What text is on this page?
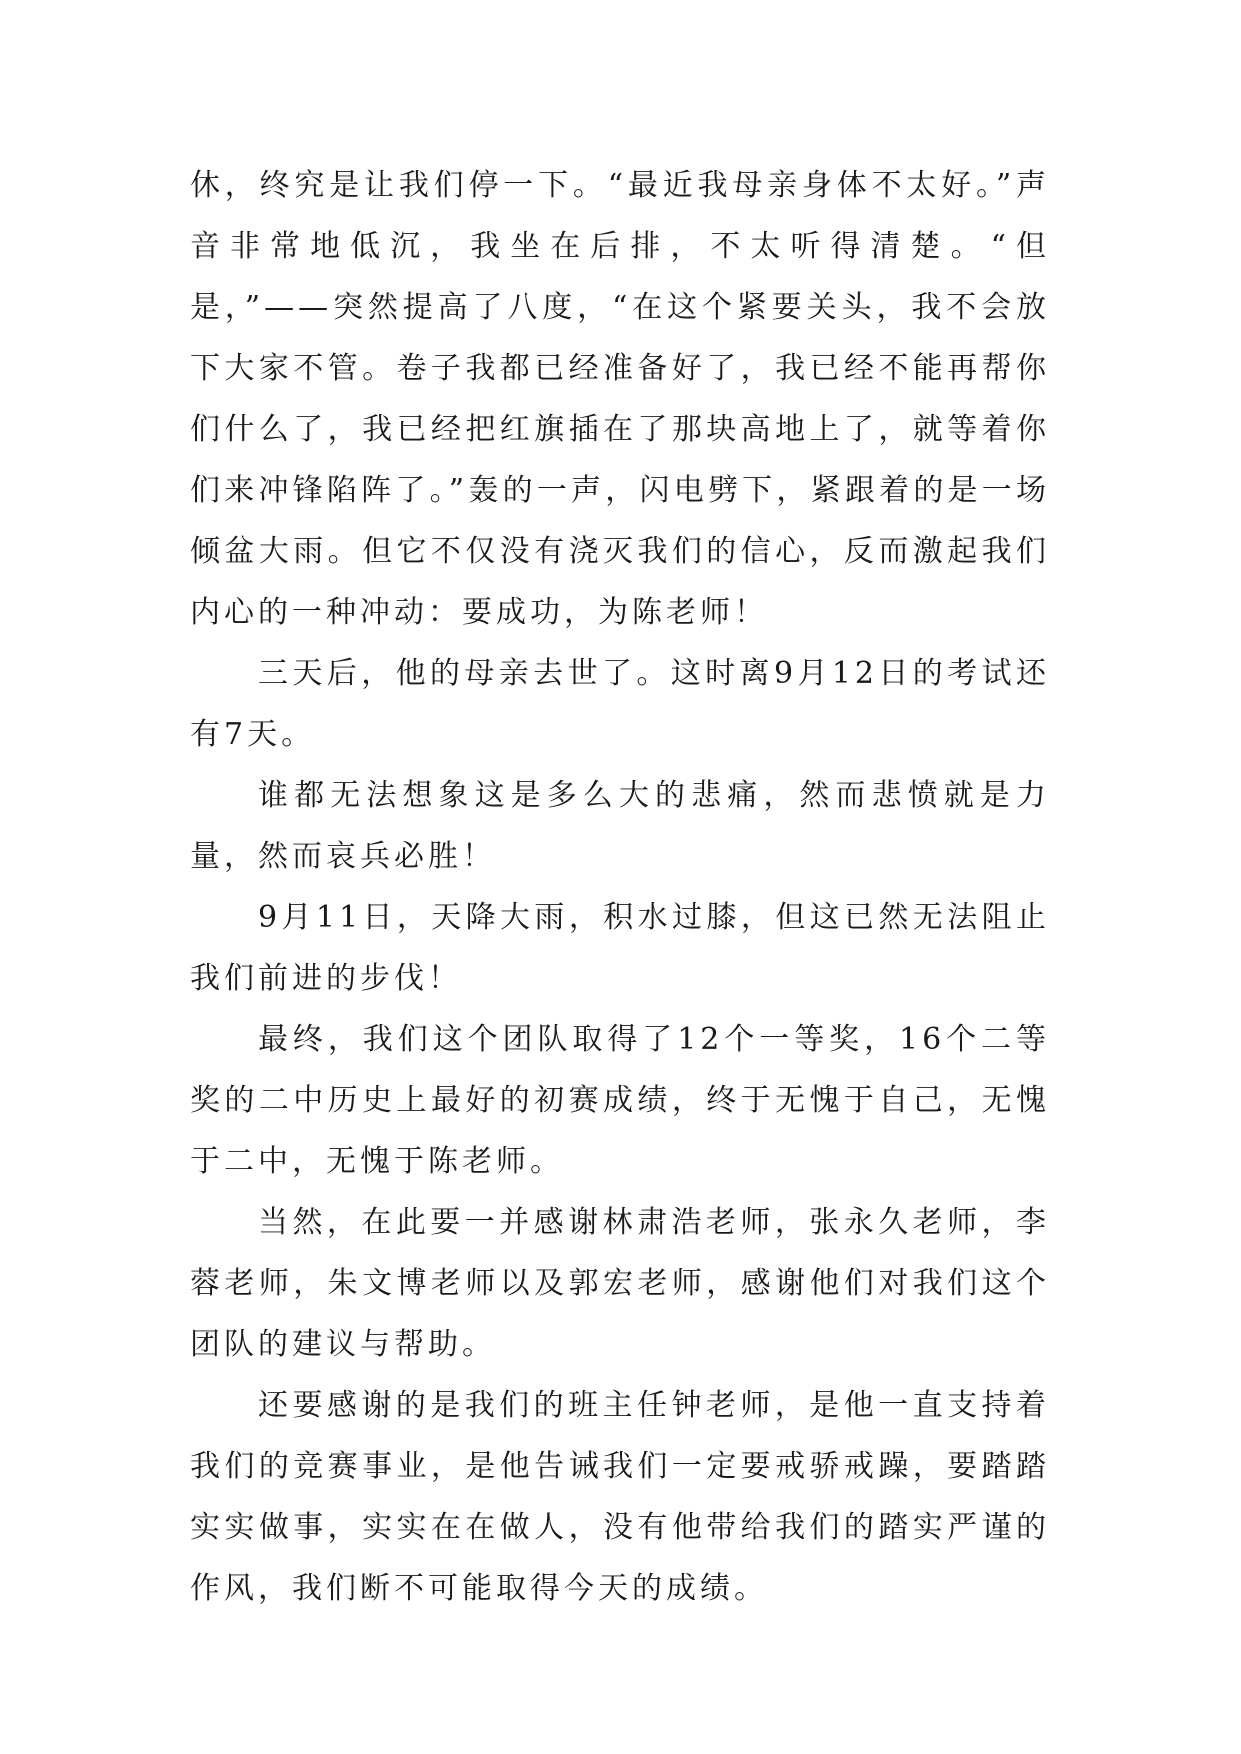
休，终究是让我们停一下。“最近我母亲身体不太好。”声音非常地低沉，我坐在后排，不太听得清楚。“但是，”——突然提高了八度，“在这个紧要关头，我不会放下大家不管。卷子我都已经准备好了，我已经不能再帮你们什么了，我已经把红旗插在了那块高地上了，就等着你们来冲锋陷阵了。”轰的一声，闪电劈下，紧跟着的是一场倾盆大雨。但它不仅没有浇灭我们的信心，反而激起我们内心的一种冲动：要成功，为陈老师！

三天后，他的母亲去世了。这时离9月12日的考试还有7天。

谁都无法想象这是多么大的悲痛，然而悲愤就是力量，然而哀兵必胜！

9月11日，天降大雨，积水过膝，但这已然无法阻止我们前进的步伐！

最终，我们这个团队取得了12个一等奖，16个二等奖的二中历史上最好的初赛成绩，终于无愧于自己，无愧于二中，无愧于陈老师。

当然，在此要一并感谢林肃浩老师，张永久老师，李蓉老师，朱文博老师以及郭宏老师，感谢他们对我们这个团队的建议与帮助。

还要感谢的是我们的班主任钟老师，是他一直支持着我们的竞赛事业，是他告诫我们一定要戒骄戒躁，要踏踏实实做事，实实在在做人，没有他带给我们的踏实严谨的作风，我们断不可能取得今天的成绩。
